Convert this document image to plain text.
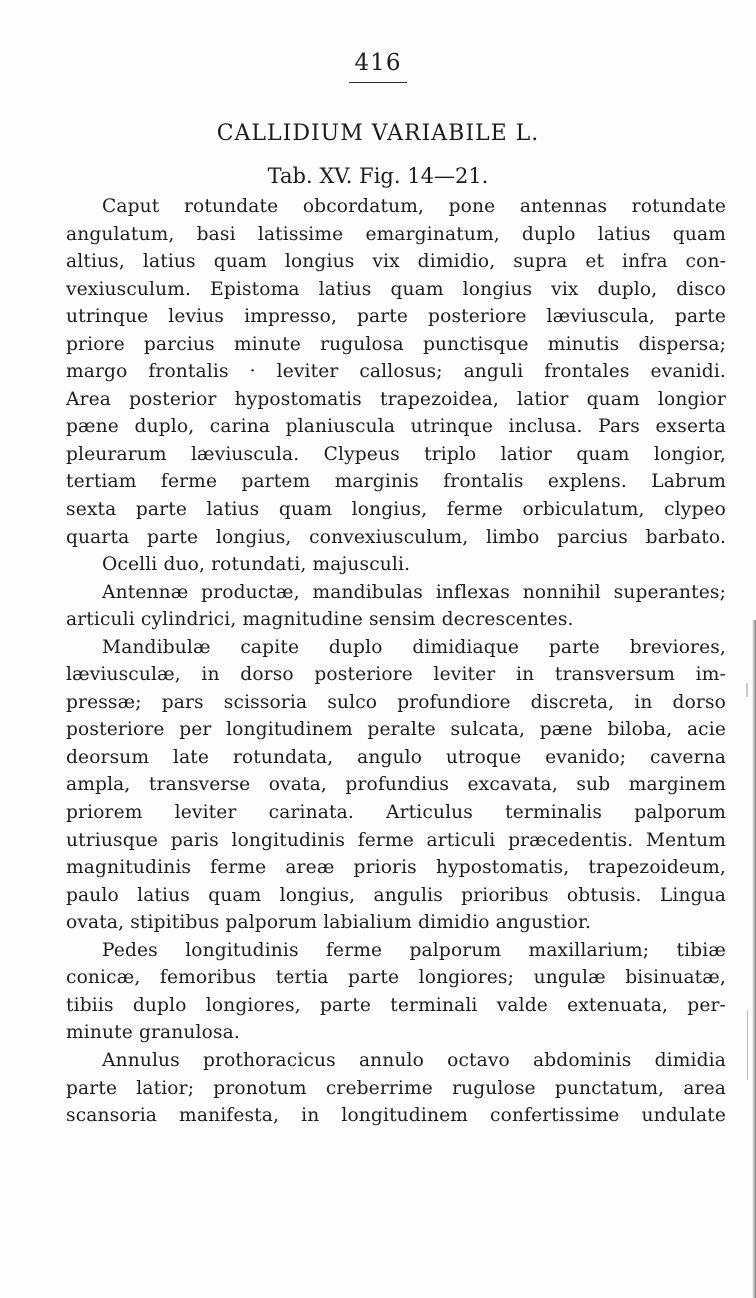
416
CALLIDIUM VARIABILE L.
Tab. XV. Fig. 14—21.
Caput rotundate obcordatum, pone antennas rotundate
angulatum, basi latissime emarginatum, duplo latius quam
altius, latius quam longius vix dimidio, supra et infra con-
vexiusculum. Epistoma latius quam longius vix duplo, disco
utrinque levius impresso, parte posteriore læviuscula, parte
priore parcius minute rugulosa punctisque minutis dispersa;
margo frontalis · leviter callosus; anguli frontales evanidi.
Area posterior hypostomatis trapezoidea, latior quam longior
pæne duplo, carina planiuscula utrinque inclusa. Pars exserta
pleurarum læviuscula. Clypeus triplo latior quam longior,
tertiam ferme partem marginis frontalis explens. Labrum
sexta parte latius quam longius, ferme orbiculatum, clypeo
quarta parte longius, convexiusculum, limbo parcius barbato.
Ocelli duo, rotundati, majusculi.
Antennæ productæ, mandibulas inflexas nonnihil superantes;
articuli cylindrici, magnitudine sensim decrescentes.
Mandibulæ capite duplo dimidiaque parte breviores,
læviusculæ, in dorso posteriore leviter in transversum im-
pressæ; pars scissoria sulco profundiore discreta, in dorso
posteriore per longitudinem peralte sulcata, pæne biloba, acie
deorsum late rotundata, angulo utroque evanido; caverna
ampla, transverse ovata, profundius excavata, sub marginem
priorem leviter carinata. Articulus terminalis palporum
utriusque paris longitudinis ferme articuli præcedentis. Mentum
magnitudinis ferme areæ prioris hypostomatis, trapezoideum,
paulo latius quam longius, angulis prioribus obtusis. Lingua
ovata, stipitibus palporum labialium dimidio angustior.
Pedes longitudinis ferme palporum maxillarium; tibiæ
conicæ, femoribus tertia parte longiores; ungulæ bisinuatæ,
tibiis duplo longiores, parte terminali valde extenuata, per-
minute granulosa.
Annulus prothoracicus annulo octavo abdominis dimidia
parte latior; pronotum creberrime rugulose punctatum, area
scansoria manifesta, in longitudinem confertissime undulate
